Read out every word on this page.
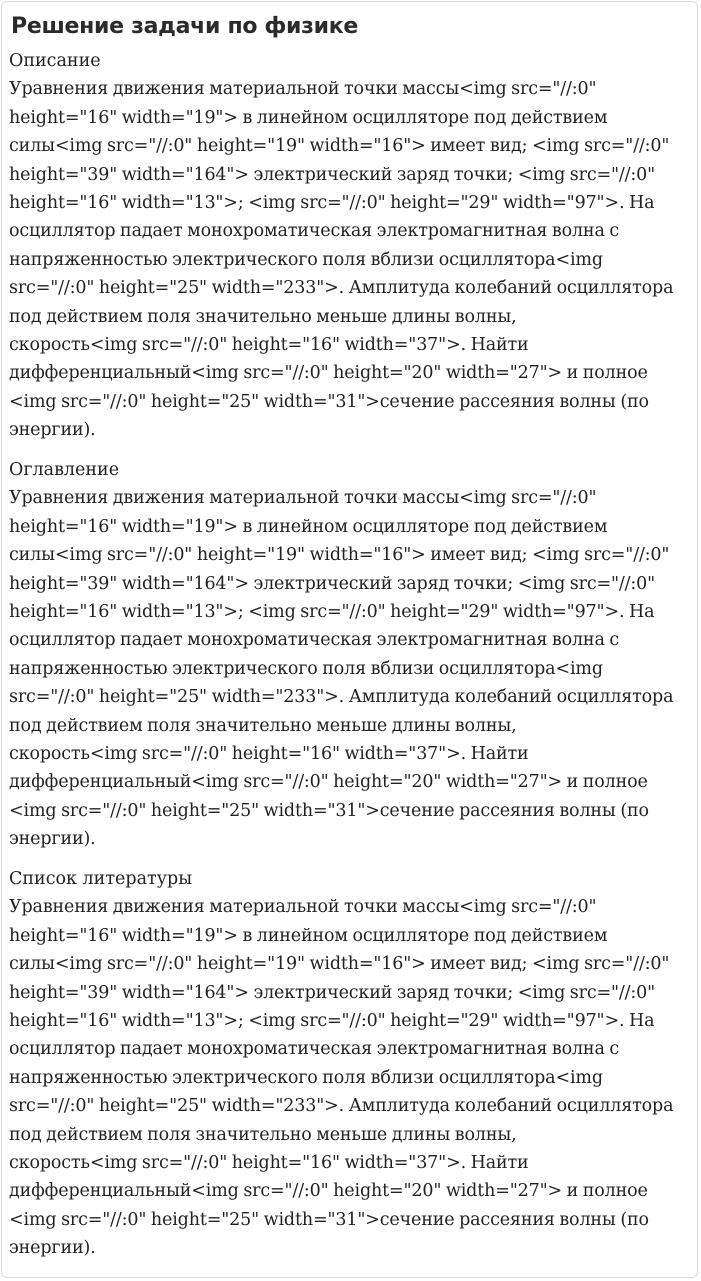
Решение задачи по физике

Описание

Уравнения движения материальной точки массы<img src="//:0"
height="16" width="19"> в линейном осцилляторе под действием
силы<img src="//:0" height="19" width="16"> имеет вид; <img src="//:0"
height="39" width="164"> электрический заряд точки; <img src="//:0"
height="16" width="13">; <img src="//:0" height="29" width="97">. На
осциллятор падает монохроматическая электромагнитная волна с
напряженностью электрического поля вблизи осциллятора<img
src="//:0" height="25" width="233">. Амплитуда колебаний осциллятора
под действием поля значительно меньше длины волны,
скорость<img src="//:0" height="16" width="37">. Найти
дифференциальный<img src="//:0" height="20" width="27"> и полное
<img src="//:0" height="25" width="31">сечение рассеяния волны (по
энергии).

Оглавление

Уравнения движения материальной точки массы<img src="//:0"
height="16" width="19"> в линейном осцилляторе под действием
силы<img src="//:0" height="19" width="16"> имеет вид; <img src="//:0"
height="39" width="164"> электрический заряд точки; <img src="//:0"
height="16" width="13">; <img src="//:0" height="29" width="97">. На
осциллятор падает монохроматическая электромагнитная волна с
напряженностью электрического поля вблизи осциллятора<img
src="//:0" height="25" width="233">. Амплитуда колебаний осциллятора
под действием поля значительно меньше длины волны,
скорость<img src="//:0" height="16" width="37">. Найти
дифференциальный<img src="//:0" height="20" width="27"> и полное
<img src="//:0" height="25" width="31">сечение рассеяния волны (по
энергии).

Список литературы

Уравнения движения материальной точки массы<img src="//:0"
height="16" width="19"> в линейном осцилляторе под действием
силы<img src="//:0" height="19" width="16"> имеет вид; <img src="//:0"
height="39" width="164"> электрический заряд точки; <img src="//:0"
height="16" width="13">; <img src="//:0" height="29" width="97">. На
осциллятор падает монохроматическая электромагнитная волна с
напряженностью электрического поля вблизи осциллятора<img
src="//:0" height="25" width="233">. Амплитуда колебаний осциллятора
под действием поля значительно меньше длины волны,
скорость<img src="//:0" height="16" width="37">. Найти
дифференциальный<img src="//:0" height="20" width="27"> и полное
<img src="//:0" height="25" width="31">сечение рассеяния волны (по
энергии).
